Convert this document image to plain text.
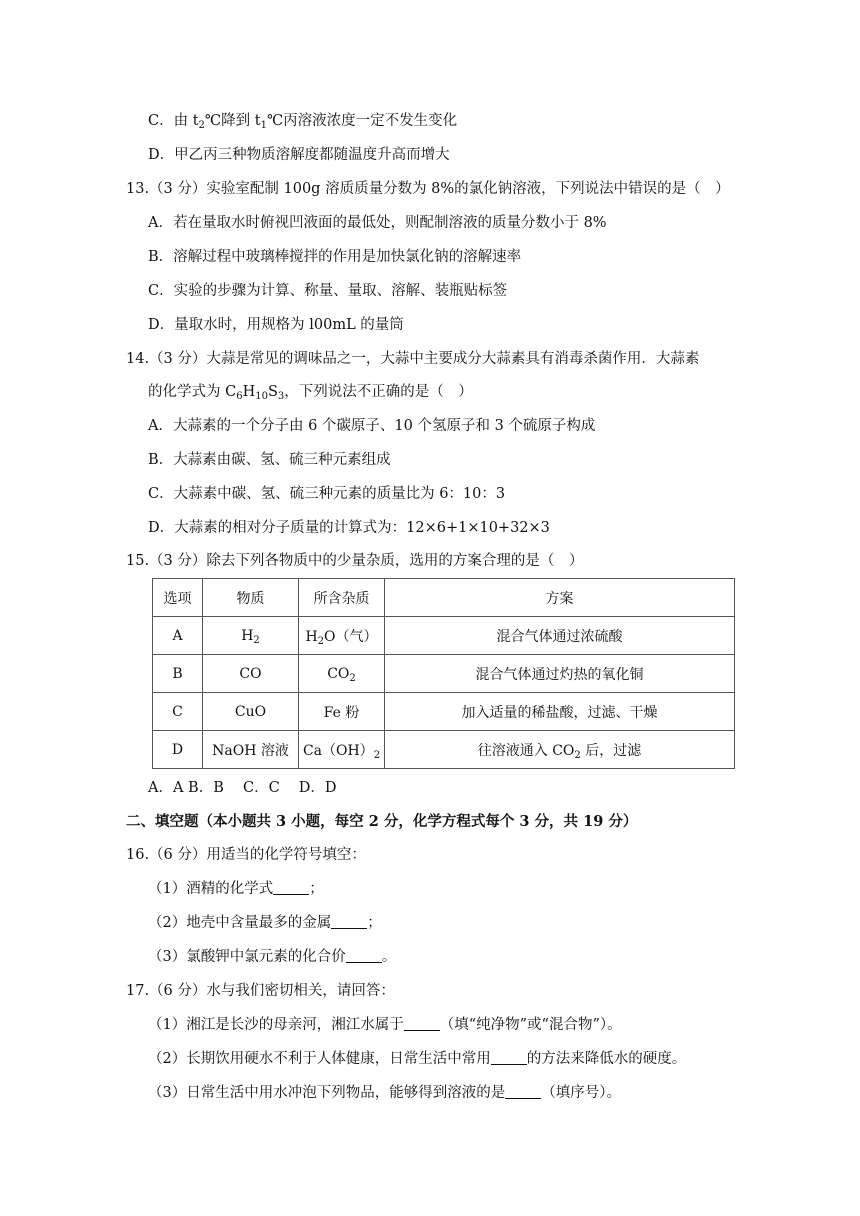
C．由 $t_2℃$降到 $t_1℃$丙溶液浓度一定不发生变化
D．甲乙丙三种物质溶解度都随温度升高而增大
13.（3 分）实验室配制 100g 溶质质量分数为 8%的氯化钠溶液，下列说法中错误的是（　）
A．若在量取水时俯视凹液面的最低处，则配制溶液的质量分数小于 8%
B．溶解过程中玻璃棒搅拌的作用是加快氯化钠的溶解速率
C．实验的步骤为计算、称量、量取、溶解、装瓶贴标签
D．量取水时，用规格为 l00mL 的量筒
14.（3 分）大蒜是常见的调味品之一，大蒜中主要成分大蒜素具有消毒杀菌作用．大蒜素
的化学式为 $C_6H_{10}S_3$，下列说法不正确的是（　）
A．大蒜素的一个分子由 6 个碳原子、10 个氢原子和 3 个硫原子构成
B．大蒜素由碳、氢、硫三种元素组成
C．大蒜素中碳、氢、硫三种元素的质量比为 6：10：3
D．大蒜素的相对分子质量的计算式为：12×6+1×10+32×3
15.（3 分）除去下列各物质中的少量杂质，选用的方案合理的是（　）
选项	物质	所含杂质	方案
A	$H_2$	$H_2O$（气）	混合气体通过浓硫酸
B	CO	$CO_2$	混合气体通过灼热的氧化铜
C	CuO	Fe 粉	加入适量的稀盐酸，过滤、干燥
D	NaOH 溶液	$Ca(OH)_2$	往溶液通入 $CO_2$ 后，过滤
A．A B．B　 C．C　 D．D
二、填空题（本小题共 3 小题，每空 2 分，化学方程式每个 3 分，共 19 分）
16.（6 分）用适当的化学符号填空：
（1）酒精的化学式 ；
（2）地壳中含量最多的金属 ；
（3）氯酸钾中氯元素的化合价 。
17.（6 分）水与我们密切相关，请回答：
（1）湘江是长沙的母亲河，湘江水属于 （填“纯净物”或“混合物”）。
（2）长期饮用硬水不利于人体健康，日常生活中常用 的方法来降低水的硬度。
（3）日常生活中用水冲泡下列物品，能够得到溶液的是 （填序号）。
